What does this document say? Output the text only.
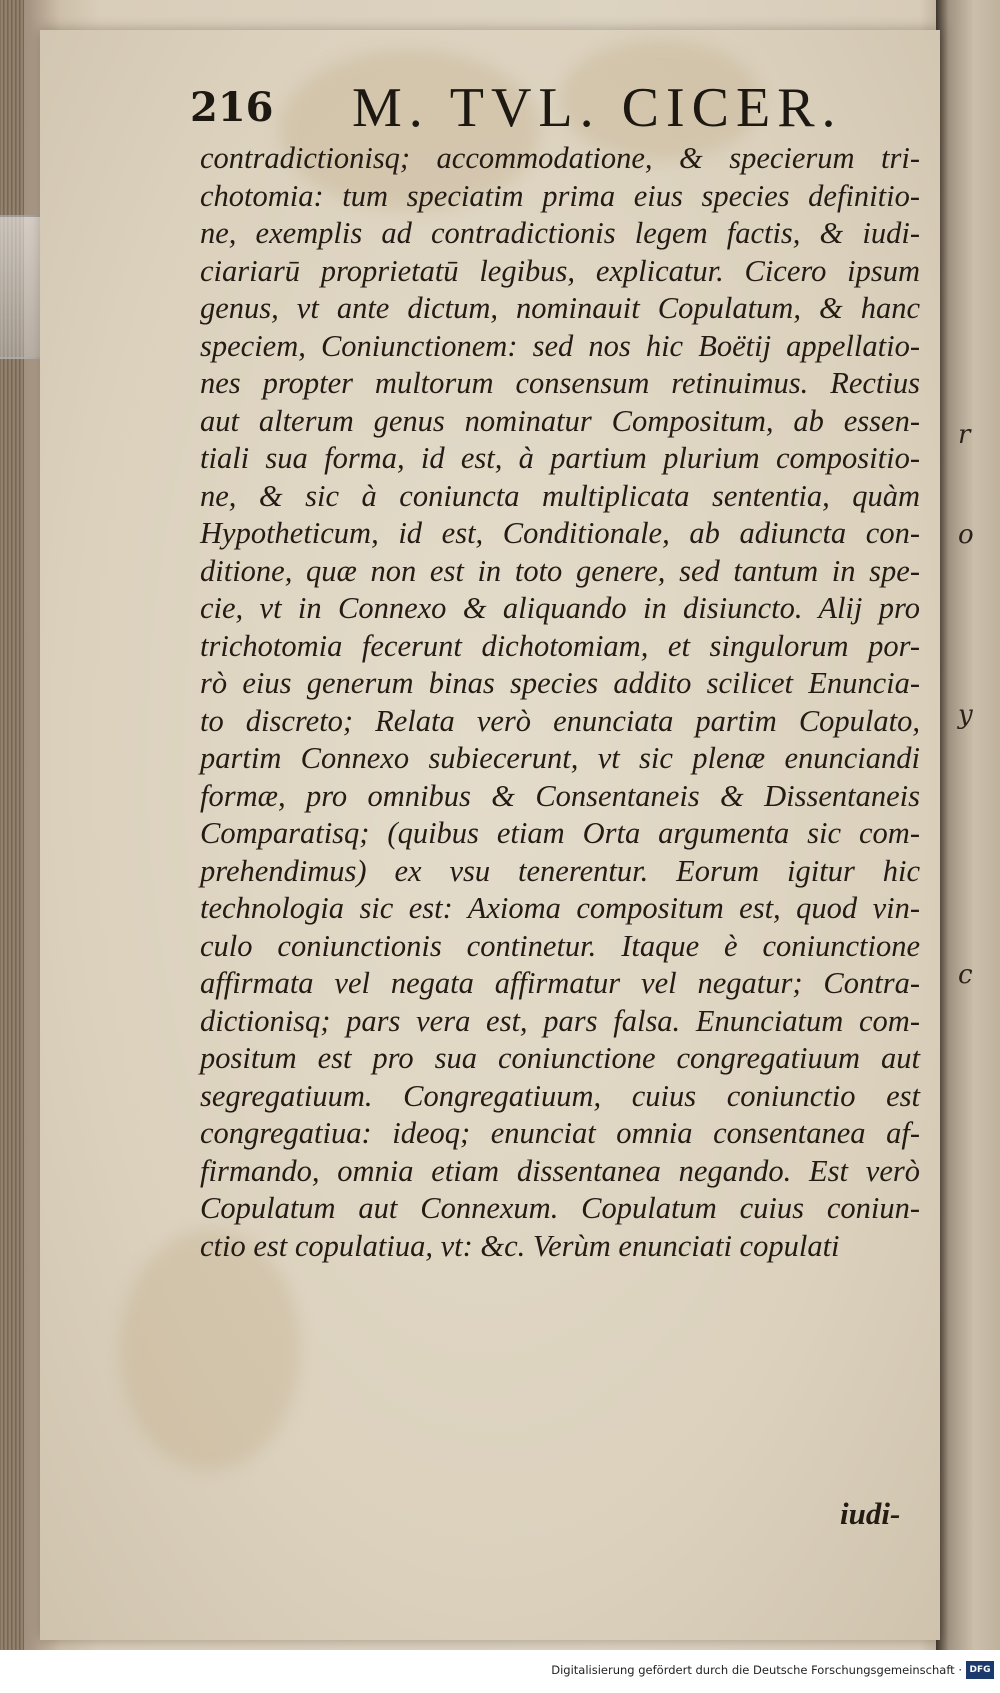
r
o
y
c
216 M. TVL. CICER.
contradictionisq; accommodatione, & specierum tri-
chotomia: tum speciatim prima eius species definitio-
ne, exemplis ad contradictionis legem factis, & iudi-
ciariarū proprietatū legibus, explicatur. Cicero ipsum
genus, vt ante dictum, nominauit Copulatum, & hanc
speciem, Coniunctionem: sed nos hic Boëtij appellatio-
nes propter multorum consensum retinuimus. Rectius
aut alterum genus nominatur Compositum, ab essen-
tiali sua forma, id est, à partium plurium compositio-
ne, & sic à coniuncta multiplicata sententia, quàm
Hypotheticum, id est, Conditionale, ab adiuncta con-
ditione, quæ non est in toto genere, sed tantum in spe-
cie, vt in Connexo & aliquando in disiuncto. Alij pro
trichotomia fecerunt dichotomiam, et singulorum por-
rò eius generum binas species addito scilicet Enuncia-
to discreto; Relata verò enunciata partim Copulato,
partim Connexo subiecerunt, vt sic plenæ enunciandi
formæ, pro omnibus & Consentaneis & Dissentaneis
Comparatisq; (quibus etiam Orta argumenta sic com-
prehendimus) ex vsu tenerentur. Eorum igitur hic
technologia sic est: Axioma compositum est, quod vin-
culo coniunctionis continetur. Itaque è coniunctione
affirmata vel negata affirmatur vel negatur; Contra-
dictionisq; pars vera est, pars falsa. Enunciatum com-
positum est pro sua coniunctione congregatiuum aut
segregatiuum. Congregatiuum, cuius coniunctio est
congregatiua: ideoq; enunciat omnia consentanea af-
firmando, omnia etiam dissentanea negando. Est verò
Copulatum aut Connexum. Copulatum cuius coniun-
ctio est copulatiua, vt: &c. Verùm enunciati copulati
iudi-
Digitalisierung gefördert durch die Deutsche Forschungsgemeinschaft · DFG
